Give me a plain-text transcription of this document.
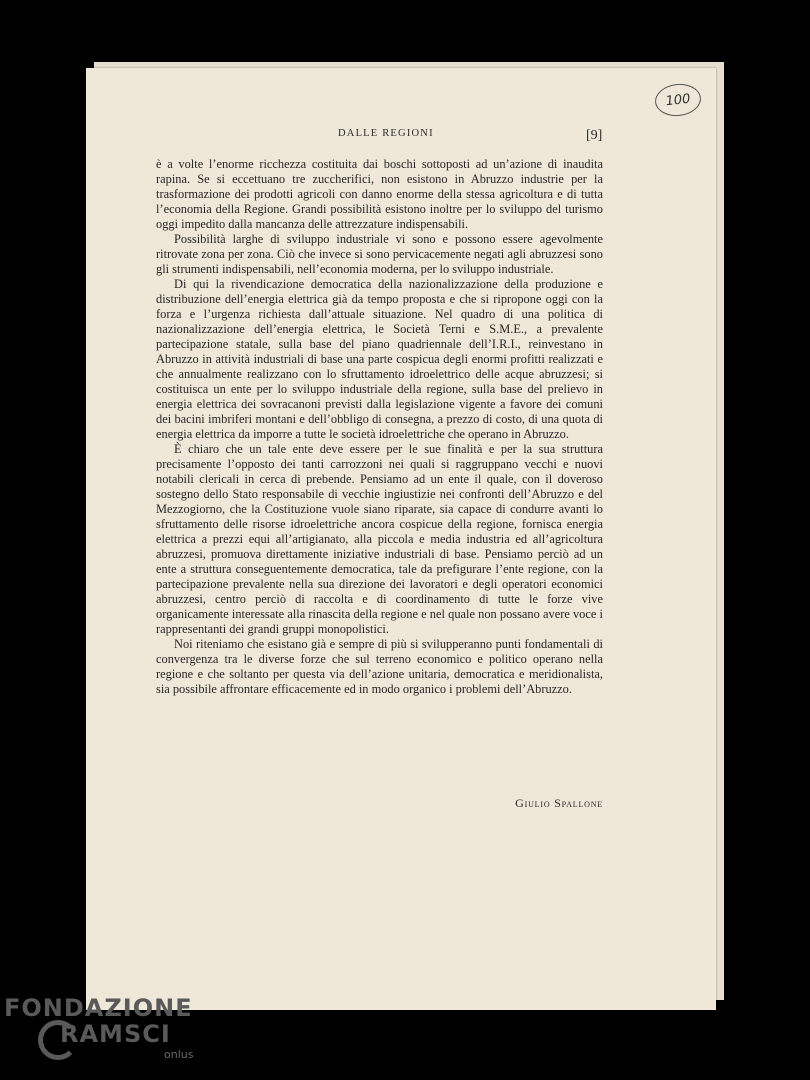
100
DALLE REGIONI	[9]

è a volte l’enorme ricchezza costituita dai boschi sottoposti ad un’azione di inaudita rapina. Se si eccettuano tre zuccherifici, non esistono in Abruzzo industrie per la trasformazione dei prodotti agricoli con danno enorme della stessa agricoltura e di tutta l’economia della Regione. Grandi possibilità esistono inoltre per lo sviluppo del turismo oggi impedito dalla mancanza delle attrezzature indispensabili.

Possibilità larghe di sviluppo industriale vi sono e possono essere agevolmente ritrovate zona per zona. Ciò che invece si sono pervicacemente negati agli abruzzesi sono gli strumenti indispensabili, nell’economia moderna, per lo sviluppo industriale.

Di qui la rivendicazione democratica della nazionalizzazione della produzione e distribuzione dell’energia elettrica già da tempo proposta e che si ripropone oggi con la forza e l’urgenza richiesta dall’attuale situazione. Nel quadro di una politica di nazionalizzazione dell’energia elettrica, le Società Terni e S.M.E., a prevalente partecipazione statale, sulla base del piano quadriennale dell’I.R.I., reinvestano in Abruzzo in attività industriali di base una parte cospicua degli enormi profitti realizzati e che annualmente realizzano con lo sfruttamento idroelettrico delle acque abruzzesi; si costituisca un ente per lo sviluppo industriale della regione, sulla base del prelievo in energia elettrica dei sovracanoni previsti dalla legislazione vigente a favore dei comuni dei bacini imbriferi montani e dell’obbligo di consegna, a prezzo di costo, di una quota di energia elettrica da imporre a tutte le società idroelettriche che operano in Abruzzo.

È chiaro che un tale ente deve essere per le sue finalità e per la sua struttura precisamente l’opposto dei tanti carrozzoni nei quali si raggruppano vecchi e nuovi notabili clericali in cerca di prebende. Pensiamo ad un ente il quale, con il doveroso sostegno dello Stato responsabile di vecchie ingiustizie nei confronti dell’Abruzzo e del Mezzogiorno, che la Costituzione vuole siano riparate, sia capace di condurre avanti lo sfruttamento delle risorse idroelettriche ancora cospicue della regione, fornisca energia elettrica a prezzi equi all’artigianato, alla piccola e media industria ed all’agricoltura abruzzesi, promuova direttamente iniziative industriali di base. Pensiamo perciò ad un ente a struttura conseguentemente democratica, tale da prefigurare l’ente regione, con la partecipazione prevalente nella sua direzione dei lavoratori e degli operatori economici abruzzesi, centro perciò di raccolta e di coordinamento di tutte le forze vive organicamente interessate alla rinascita della regione e nel quale non possano avere voce i rappresentanti dei grandi gruppi monopolistici.

Noi riteniamo che esistano già e sempre di più si svilupperanno punti fondamentali di convergenza tra le diverse forze che sul terreno economico e politico operano nella regione e che soltanto per questa via dell’azione unitaria, democratica e meridionalista, sia possibile affrontare efficacemente ed in modo organico i problemi dell’Abruzzo.

Giulio Spallone
FONDAZIONE
RAMSCI
onlus
